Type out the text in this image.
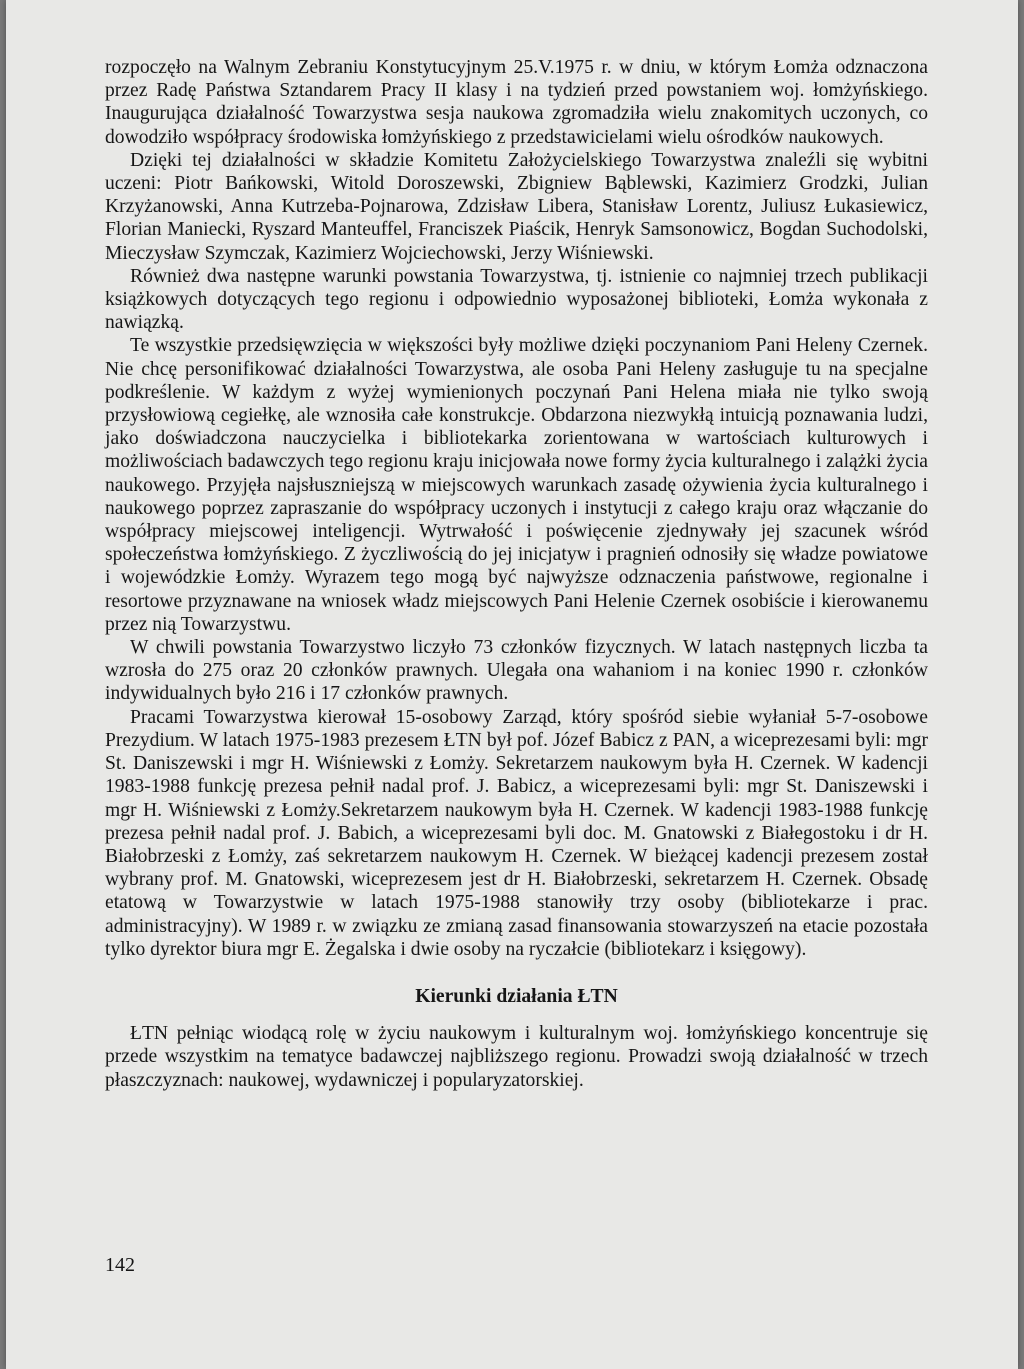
rozpoczęło na Walnym Zebraniu Konstytucyjnym 25.V.1975 r. w dniu, w którym Łomża odznaczona przez Radę Państwa Sztandarem Pracy II klasy i na tydzień przed powstaniem woj. łomżyńskiego. Inaugurująca działalność Towarzystwa sesja naukowa zgromadziła wielu znakomitych uczonych, co dowodziło współpracy środowiska łomżyńskiego z przedstawicielami wielu ośrodków naukowych.

Dzięki tej działalności w składzie Komitetu Założycielskiego Towarzystwa znaleźli się wybitni uczeni: Piotr Bańkowski, Witold Doroszewski, Zbigniew Bąblewski, Kazimierz Grodzki, Julian Krzyżanowski, Anna Kutrzeba-Pojnarowa, Zdzisław Libera, Stanisław Lorentz, Juliusz Łukasiewicz, Florian Maniecki, Ryszard Manteuffel, Franciszek Piaścik, Henryk Samsonowicz, Bogdan Suchodolski, Mieczysław Szymczak, Kazimierz Wojciechowski, Jerzy Wiśniewski.

Również dwa następne warunki powstania Towarzystwa, tj. istnienie co najmniej trzech publikacji książkowych dotyczących tego regionu i odpowiednio wyposażonej biblioteki, Łomża wykonała z nawiązką.

Te wszystkie przedsięwzięcia w większości były możliwe dzięki poczynaniom Pani Heleny Czernek. Nie chcę personifikować działalności Towarzystwa, ale osoba Pani Heleny zasługuje tu na specjalne podkreślenie. W każdym z wyżej wymienionych poczynań Pani Helena miała nie tylko swoją przysłowiową cegiełkę, ale wznosiła całe konstrukcje. Obdarzona niezwykłą intuicją poznawania ludzi, jako doświadczona nauczycielka i bibliotekarka zorientowana w wartościach kulturowych i możliwościach badawczych tego regionu kraju inicjowała nowe formy życia kulturalnego i zalążki życia naukowego. Przyjęła najsłuszniejszą w miejscowych warunkach zasadę ożywienia życia kulturalnego i naukowego poprzez zapraszanie do współpracy uczonych i instytucji z całego kraju oraz włączanie do współpracy miejscowej inteligencji. Wytrwałość i poświęcenie zjednywały jej szacunek wśród społeczeństwa łomżyńskiego. Z życzliwością do jej inicjatyw i pragnień odnosiły się władze powiatowe i wojewódzkie Łomży. Wyrazem tego mogą być najwyższe odznaczenia państwowe, regionalne i resortowe przyznawane na wniosek władz miejscowych Pani Helenie Czernek osobiście i kierowanemu przez nią Towarzystwu.

W chwili powstania Towarzystwo liczyło 73 członków fizycznych. W latach następnych liczba ta wzrosła do 275 oraz 20 członków prawnych. Ulegała ona wahaniom i na koniec 1990 r. członków indywidualnych było 216 i 17 członków prawnych.

Pracami Towarzystwa kierował 15-osobowy Zarząd, który spośród siebie wyłaniał 5-7-osobowe Prezydium. W latach 1975-1983 prezesem ŁTN był pof. Józef Babicz z PAN, a wiceprezesami byli: mgr St. Daniszewski i mgr H. Wiśniewski z Łomży. Sekretarzem naukowym była H. Czernek. W kadencji 1983-1988 funkcję prezesa pełnił nadal prof. J. Babicz, a wiceprezesami byli: mgr St. Daniszewski i mgr H. Wiśniewski z Łomży.Sekretarzem naukowym była H. Czernek. W kadencji 1983-1988 funkcję prezesa pełnił nadal prof. J. Babich, a wiceprezesami byli doc. M. Gnatowski z Białegostoku i dr H. Białobrzeski z Łomży, zaś sekretarzem naukowym H. Czernek. W bieżącej kadencji prezesem został wybrany prof. M. Gnatowski, wiceprezesem jest dr H. Białobrzeski, sekretarzem H. Czernek. Obsadę etatową w Towarzystwie w latach 1975-1988 stanowiły trzy osoby (bibliotekarze i prac. administracyjny). W 1989 r. w związku ze zmianą zasad finansowania stowarzyszeń na etacie pozostała tylko dyrektor biura mgr E. Żegalska i dwie osoby na ryczałcie (bibliotekarz i księgowy).

Kierunki działania ŁTN

ŁTN pełniąc wiodącą rolę w życiu naukowym i kulturalnym woj. łomżyńskiego koncentruje się przede wszystkim na tematyce badawczej najbliższego regionu. Prowadzi swoją działalność w trzech płaszczyznach: naukowej, wydawniczej i popularyzatorskiej.

142
